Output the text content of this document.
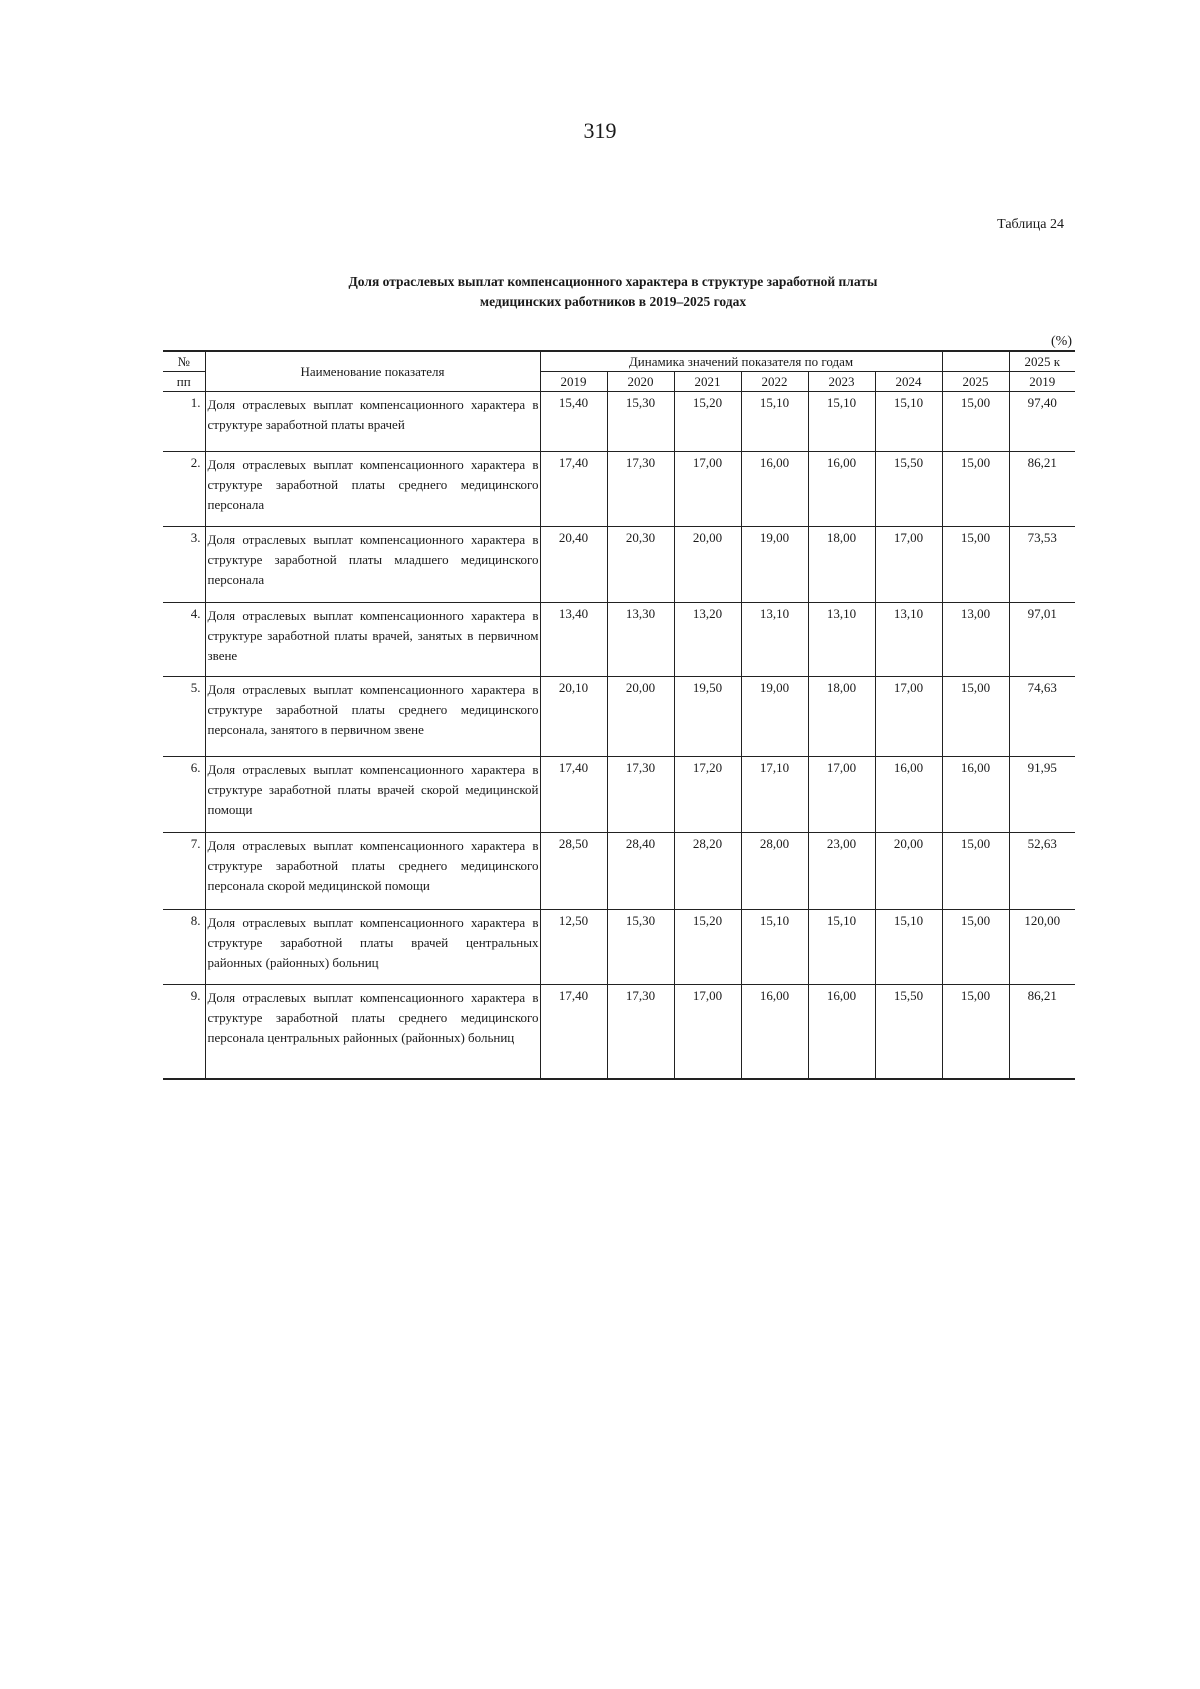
319
Таблица 24
Доля отраслевых выплат компенсационного характера в структуре заработной платы
медицинских работников в 2019–2025 годах
(%)
№	Наименование показателя	Динамика значений показателя по годам							2025 к
пп		2019	2020	2021	2022	2023	2024	2025	2019
1.	Доля отраслевых выплат компенсационного характера в структуре заработной платы врачей	15,40	15,30	15,20	15,10	15,10	15,10	15,00	97,40
2.	Доля отраслевых выплат компенсационного характера в структуре заработной платы среднего медицинского персонала	17,40	17,30	17,00	16,00	16,00	15,50	15,00	86,21
3.	Доля отраслевых выплат компенсационного характера в структуре заработной платы младшего медицинского персонала	20,40	20,30	20,00	19,00	18,00	17,00	15,00	73,53
4.	Доля отраслевых выплат компенсационного характера в структуре заработной платы врачей, занятых в первичном звене	13,40	13,30	13,20	13,10	13,10	13,10	13,00	97,01
5.	Доля отраслевых выплат компенсационного характера в структуре заработной платы среднего медицинского персонала, занятого в первичном звене	20,10	20,00	19,50	19,00	18,00	17,00	15,00	74,63
6.	Доля отраслевых выплат компенсационного характера в структуре заработной платы врачей скорой медицинской помощи	17,40	17,30	17,20	17,10	17,00	16,00	16,00	91,95
7.	Доля отраслевых выплат компенсационного характера в структуре заработной платы среднего медицинского персонала скорой медицинской помощи	28,50	28,40	28,20	28,00	23,00	20,00	15,00	52,63
8.	Доля отраслевых выплат компенсационного характера в структуре заработной платы врачей центральных районных (районных) больниц	12,50	15,30	15,20	15,10	15,10	15,10	15,00	120,00
9.	Доля отраслевых выплат компенсационного характера в структуре заработной платы среднего медицинского персонала центральных районных (районных) больниц	17,40	17,30	17,00	16,00	16,00	15,50	15,00	86,21
